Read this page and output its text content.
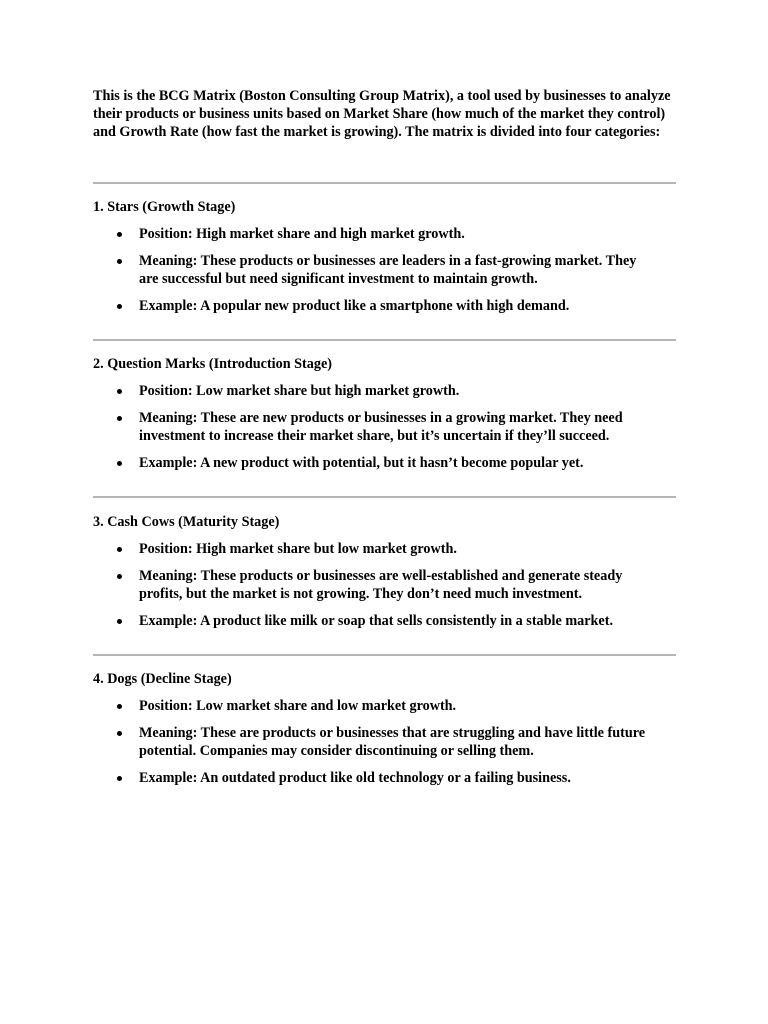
This is the BCG Matrix (Boston Consulting Group Matrix), a tool used by businesses to analyze their products or business units based on Market Share (how much of the market they control) and Growth Rate (how fast the market is growing). The matrix is divided into four categories:

1. Stars (Growth Stage)

Position: High market share and high market growth.
Meaning: These products or businesses are leaders in a fast-growing market. They are successful but need significant investment to maintain growth.
Example: A popular new product like a smartphone with high demand.

2. Question Marks (Introduction Stage)

Position: Low market share but high market growth.
Meaning: These are new products or businesses in a growing market. They need investment to increase their market share, but it’s uncertain if they’ll succeed.
Example: A new product with potential, but it hasn’t become popular yet.

3. Cash Cows (Maturity Stage)

Position: High market share but low market growth.
Meaning: These products or businesses are well-established and generate steady profits, but the market is not growing. They don’t need much investment.
Example: A product like milk or soap that sells consistently in a stable market.

4. Dogs (Decline Stage)

Position: Low market share and low market growth.
Meaning: These are products or businesses that are struggling and have little future potential. Companies may consider discontinuing or selling them.
Example: An outdated product like old technology or a failing business.
